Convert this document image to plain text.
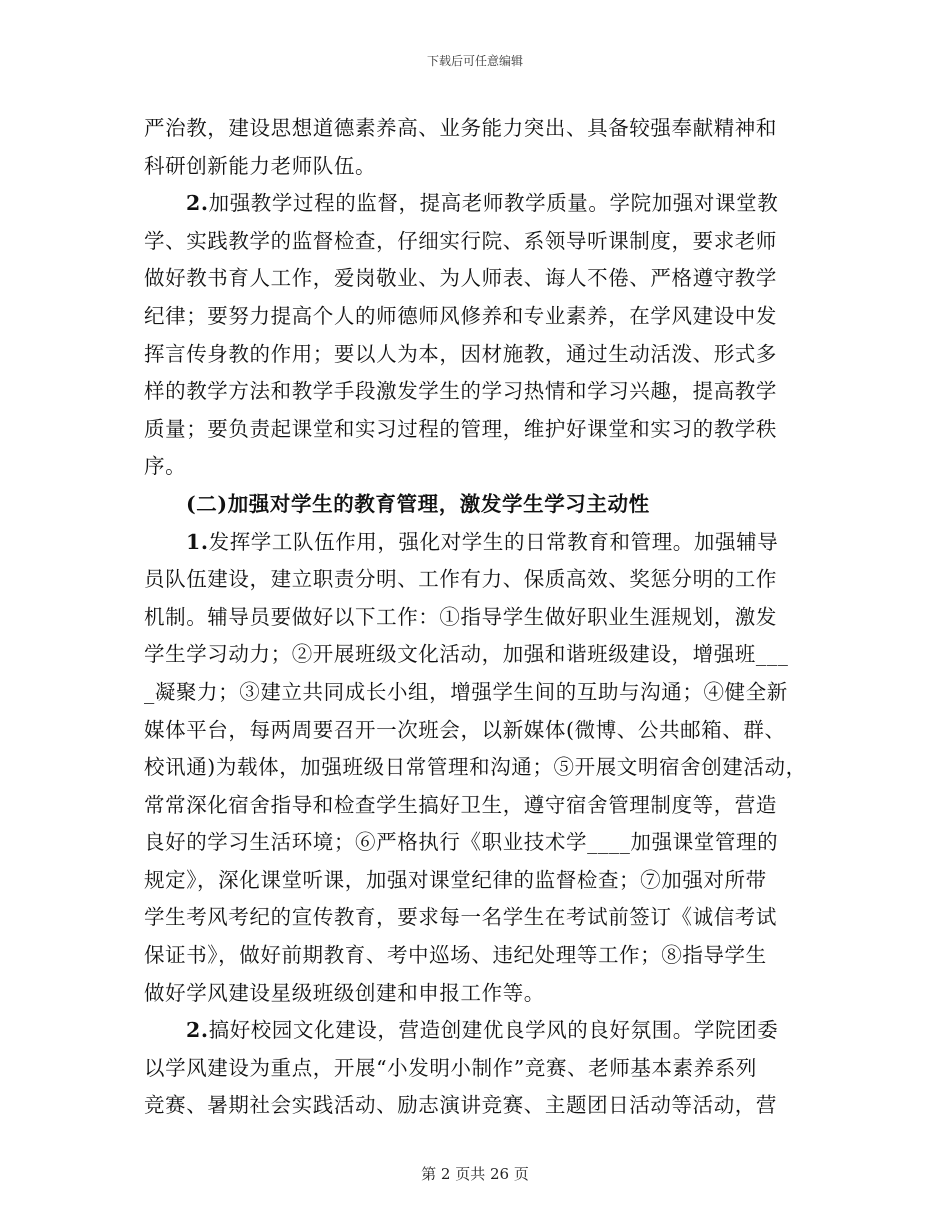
下载后可任意编辑
严治教，建设思想道德素养高、业务能力突出、具备较强奉献精神和
科研创新能力老师队伍。
2.加强教学过程的监督，提高老师教学质量。学院加强对课堂教
学、实践教学的监督检查，仔细实行院、系领导听课制度，要求老师
做好教书育人工作，爱岗敬业、为人师表、诲人不倦、严格遵守教学
纪律；要努力提高个人的师德师风修养和专业素养，在学风建设中发
挥言传身教的作用；要以人为本，因材施教，通过生动活泼、形式多
样的教学方法和教学手段激发学生的学习热情和学习兴趣，提高教学
质量；要负责起课堂和实习过程的管理，维护好课堂和实习的教学秩
序。
(二)加强对学生的教育管理，激发学生学习主动性
1.发挥学工队伍作用，强化对学生的日常教育和管理。加强辅导
员队伍建设，建立职责分明、工作有力、保质高效、奖惩分明的工作
机制。辅导员要做好以下工作：①指导学生做好职业生涯规划，激发
学生学习动力；②开展班级文化活动，加强和谐班级建设，增强班___
_凝聚力；③建立共同成长小组，增强学生间的互助与沟通；④健全新
媒体平台，每两周要召开一次班会，以新媒体(微博、公共邮箱、群、
校讯通)为载体，加强班级日常管理和沟通；⑤开展文明宿舍创建活动，
常常深化宿舍指导和检查学生搞好卫生，遵守宿舍管理制度等，营造
良好的学习生活环境；⑥严格执行《职业技术学____加强课堂管理的
规定》，深化课堂听课，加强对课堂纪律的监督检查；⑦加强对所带
学生考风考纪的宣传教育，要求每一名学生在考试前签订《诚信考试
保证书》，做好前期教育、考中巡场、违纪处理等工作；⑧指导学生
做好学风建设星级班级创建和申报工作等。
2.搞好校园文化建设，营造创建优良学风的良好氛围。学院团委
以学风建设为重点，开展“小发明小制作”竞赛、老师基本素养系列
竞赛、暑期社会实践活动、励志演讲竞赛、主题团日活动等活动，营
第 2 页共 26 页
